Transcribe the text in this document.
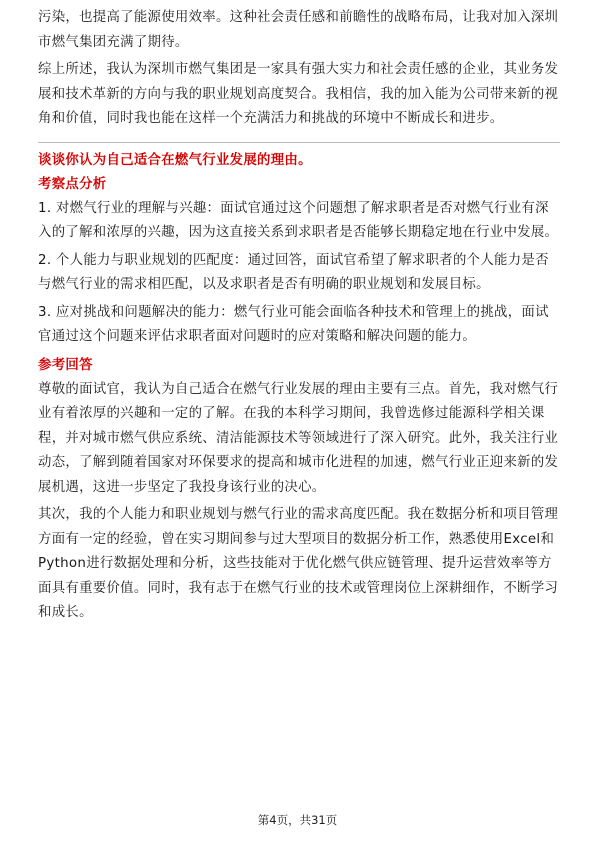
污染，也提高了能源使用效率。这种社会责任感和前瞻性的战略布局，让我对加入深圳市燃气集团充满了期待。

综上所述，我认为深圳市燃气集团是一家具有强大实力和社会责任感的企业，其业务发展和技术革新的方向与我的职业规划高度契合。我相信，我的加入能为公司带来新的视角和价值，同时我也能在这样一个充满活力和挑战的环境中不断成长和进步。

谈谈你认为自己适合在燃气行业发展的理由。

考察点分析

1. 对燃气行业的理解与兴趣：面试官通过这个问题想了解求职者是否对燃气行业有深入的了解和浓厚的兴趣，因为这直接关系到求职者是否能够长期稳定地在行业中发展。

2. 个人能力与职业规划的匹配度：通过回答，面试官希望了解求职者的个人能力是否与燃气行业的需求相匹配，以及求职者是否有明确的职业规划和发展目标。

3. 应对挑战和问题解决的能力：燃气行业可能会面临各种技术和管理上的挑战，面试官通过这个问题来评估求职者面对问题时的应对策略和解决问题的能力。

参考回答

尊敬的面试官，我认为自己适合在燃气行业发展的理由主要有三点。首先，我对燃气行业有着浓厚的兴趣和一定的了解。在我的本科学习期间，我曾选修过能源科学相关课程，并对城市燃气供应系统、清洁能源技术等领域进行了深入研究。此外，我关注行业动态，了解到随着国家对环保要求的提高和城市化进程的加速，燃气行业正迎来新的发展机遇，这进一步坚定了我投身该行业的决心。

其次，我的个人能力和职业规划与燃气行业的需求高度匹配。我在数据分析和项目管理方面有一定的经验，曾在实习期间参与过大型项目的数据分析工作，熟悉使用Excel和Python进行数据处理和分析，这些技能对于优化燃气供应链管理、提升运营效率等方面具有重要价值。同时，我有志于在燃气行业的技术或管理岗位上深耕细作，不断学习和成长。

第4页，共31页
